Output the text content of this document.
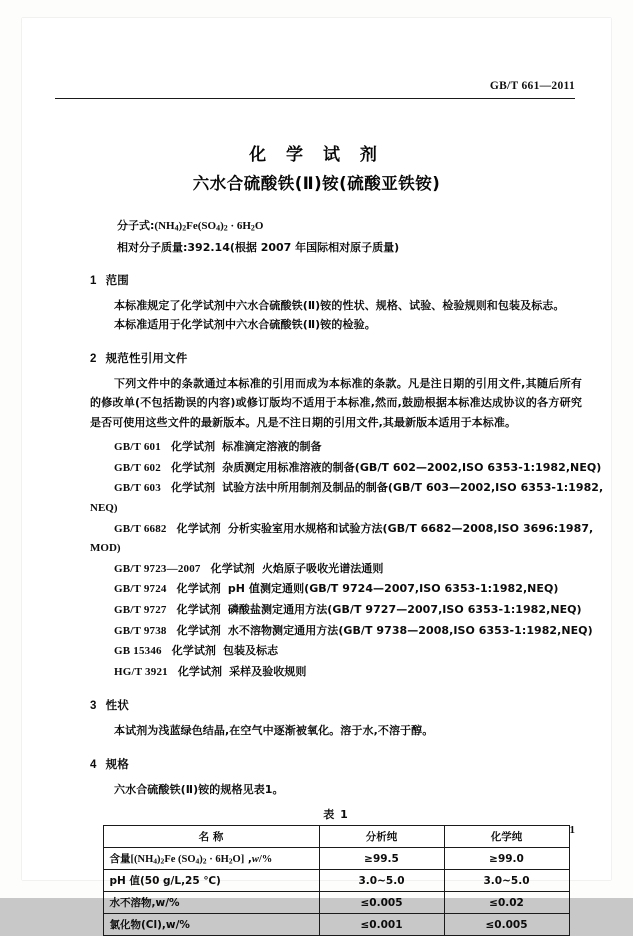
GB/T 661—2011
化 学 试 剂
六水合硫酸铁(Ⅱ)铵(硫酸亚铁铵)
分子式$:(NH_4)_2Fe(SO_4)_2 \cdot 6H_2O$
相对分子质量:392.14(根据 2007 年国际相对原子质量)
1 范围

本标准规定了化学试剂中六水合硫酸铁(Ⅱ)铵的性状、规格、试验、检验规则和包装及标志。

本标准适用于化学试剂中六水合硫酸铁(Ⅱ)铵的检验。

2 规范性引用文件

下列文件中的条款通过本标准的引用而成为本标准的条款。凡是注日期的引用文件,其随后所有的修改单(不包括勘误的内容)或修订版均不适用于本标准,然而,鼓励根据本标准达成协议的各方研究是否可使用这些文件的最新版本。凡是不注日期的引用文件,其最新版本适用于本标准。

GB/T 601 化学试剂 标准滴定溶液的制备
GB/T 602 化学试剂 杂质测定用标准溶液的制备(GB/T 602—2002,ISO 6353-1:1982,NEQ)
GB/T 603 化学试剂 试验方法中所用制剂及制品的制备(GB/T 603—2002,ISO 6353-1:1982,
NEQ)
GB/T 6682 化学试剂 分析实验室用水规格和试验方法(GB/T 6682—2008,ISO 3696:1987,
MOD)
GB/T 9723—2007 化学试剂 火焰原子吸收光谱法通则
GB/T 9724 化学试剂 pH 值测定通则(GB/T 9724—2007,ISO 6353-1:1982,NEQ)
GB/T 9727 化学试剂 磷酸盐测定通用方法(GB/T 9727—2007,ISO 6353-1:1982,NEQ)
GB/T 9738 化学试剂 水不溶物测定通用方法(GB/T 9738—2008,ISO 6353-1:1982,NEQ)
GB 15346 化学试剂 包装及标志
HG/T 3921 化学试剂 采样及验收规则
3 性状

本试剂为浅蓝绿色结晶,在空气中逐渐被氧化。溶于水,不溶于醇。

4 规格

六水合硫酸铁(Ⅱ)铵的规格见表1。

表 1
名 称	分析纯	化学纯
含量[$(NH_4)_2Fe$ $(SO_4)_2 \cdot 6H_2O$] ,w/%	≥99.5	≥99.0
pH 值(50 g/L,25 ℃)	3.0~5.0	3.0~5.0
水不溶物,w/%	≤0.005	≤0.02
氯化物(Cl),w/%	≤0.001	≤0.005
1
